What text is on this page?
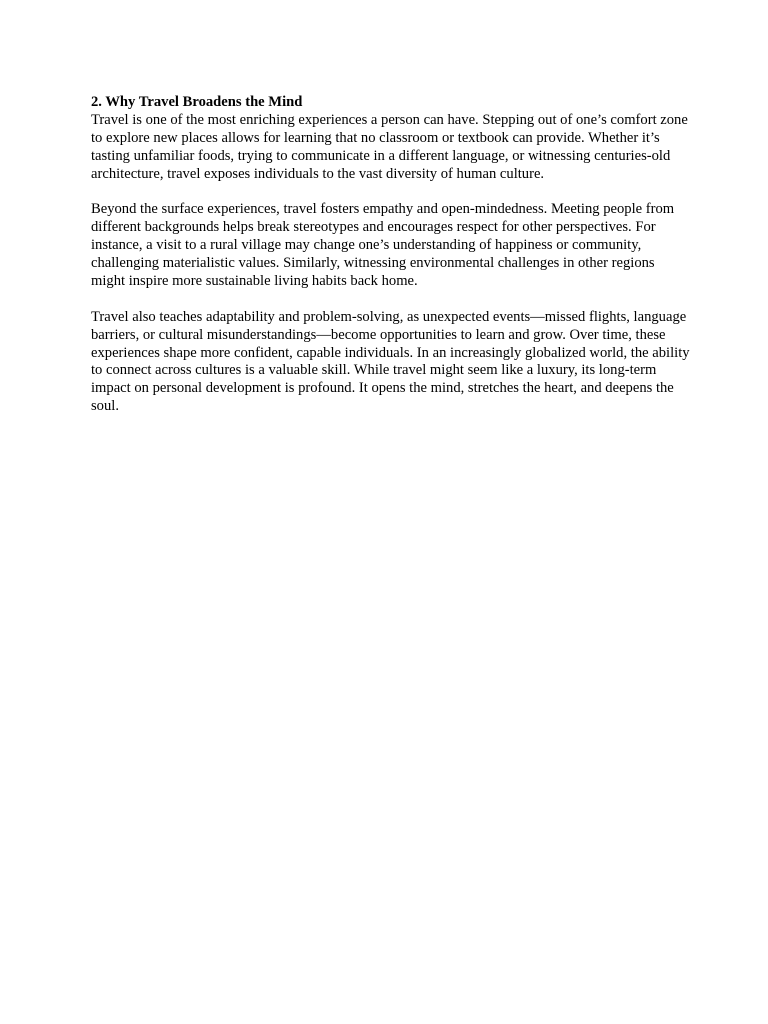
2. Why Travel Broadens the Mind

Travel is one of the most enriching experiences a person can have. Stepping out of one’s comfort zone to explore new places allows for learning that no classroom or textbook can provide. Whether it’s tasting unfamiliar foods, trying to communicate in a different language, or witnessing centuries-old architecture, travel exposes individuals to the vast diversity of human culture.

Beyond the surface experiences, travel fosters empathy and open-mindedness. Meeting people from different backgrounds helps break stereotypes and encourages respect for other perspectives. For instance, a visit to a rural village may change one’s understanding of happiness or community, challenging materialistic values. Similarly, witnessing environmental challenges in other regions might inspire more sustainable living habits back home.

Travel also teaches adaptability and problem-solving, as unexpected events—missed flights, language barriers, or cultural misunderstandings—become opportunities to learn and grow. Over time, these experiences shape more confident, capable individuals. In an increasingly globalized world, the ability to connect across cultures is a valuable skill. While travel might seem like a luxury, its long-term impact on personal development is profound. It opens the mind, stretches the heart, and deepens the soul.
